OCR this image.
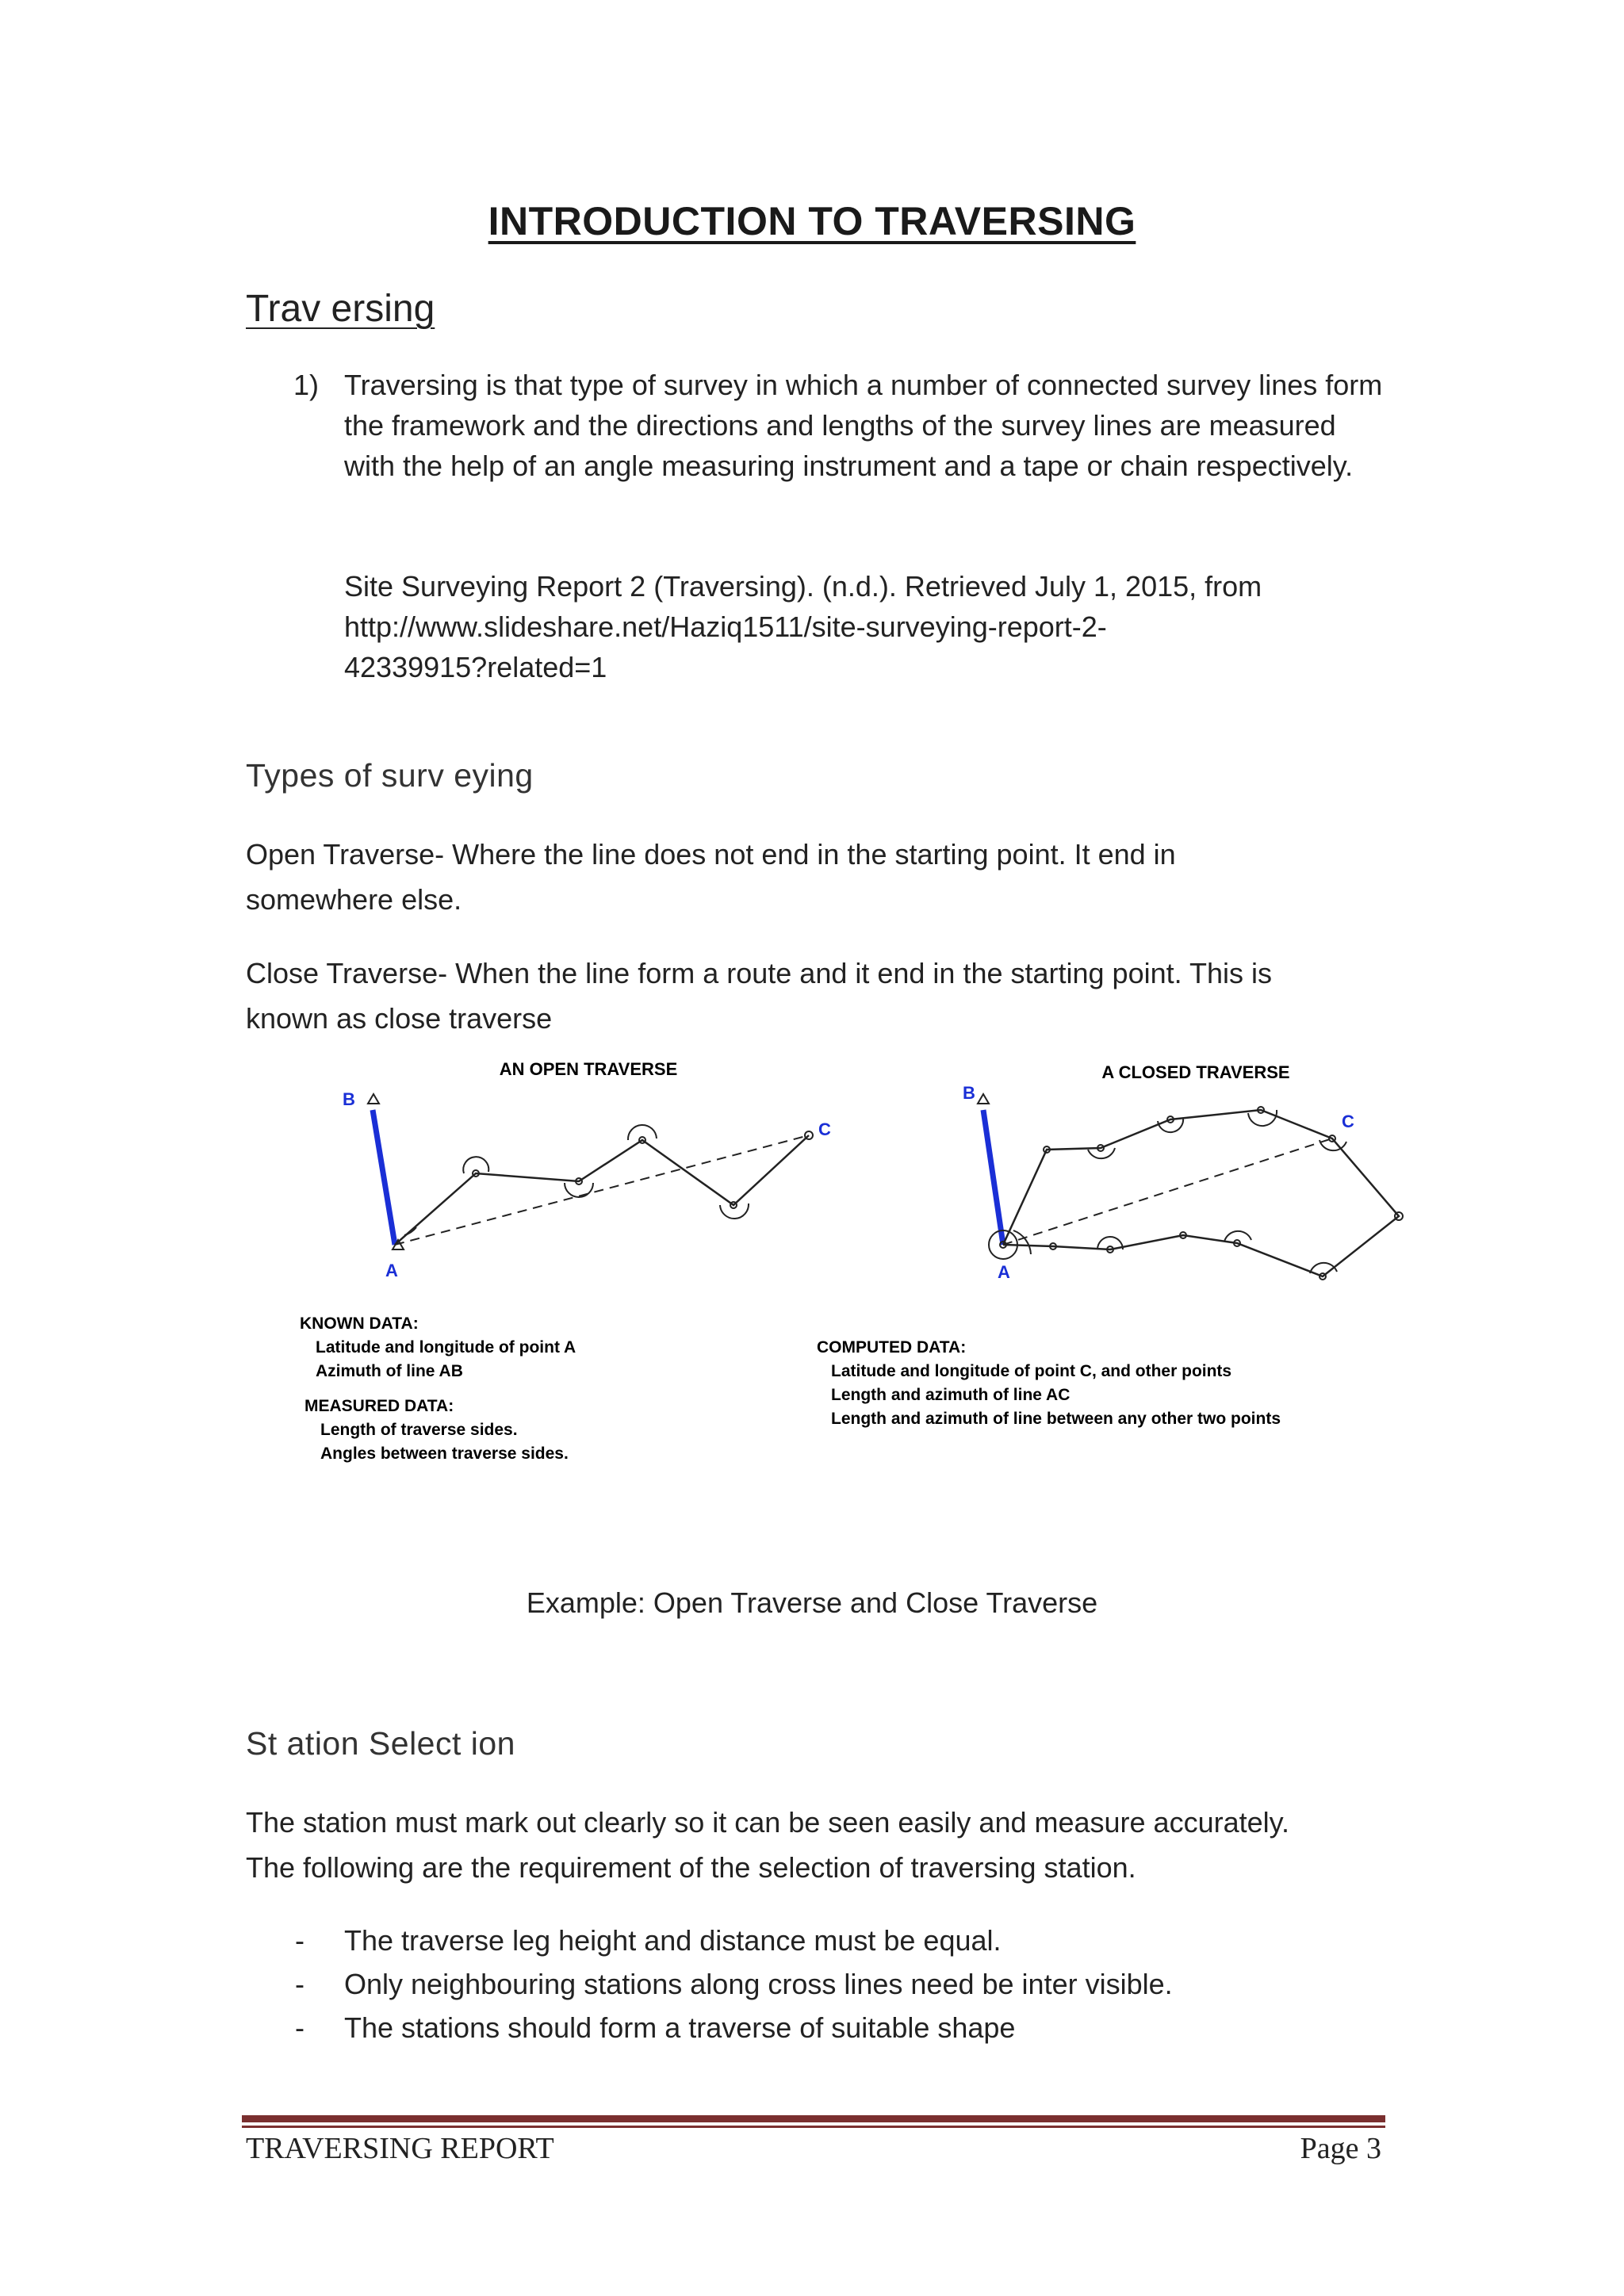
INTRODUCTION TO TRAVERSING
Trav ersing
1) Traversing is that type of survey in which a number of connected survey lines form the framework and the directions and lengths of the survey lines are measured with the help of an angle measuring instrument and a tape or chain respectively.
Site Surveying Report 2 (Traversing). (n.d.). Retrieved July 1, 2015, from
http://www.slideshare.net/Haziq1511/site-surveying-report-2-
42339915?related=1
Types of surv eying
Open Traverse- Where the line does not end in the starting point. It end in
somewhere else.
Close Traverse- When the line form a route and it end in the starting point. This is
known as close traverse
AN OPEN TRAVERSE
B
A
C
A CLOSED TRAVERSE
B
A
C
KNOWN DATA:
Latitude and longitude of point A
Azimuth of line AB
MEASURED DATA:
Length of traverse sides.
Angles between traverse sides.
COMPUTED DATA:
Latitude and longitude of point C, and other points
Length and azimuth of line AC
Length and azimuth of line between any other two points
Example: Open Traverse and Close Traverse
St ation Select ion
The station must mark out clearly so it can be seen easily and measure accurately.
The following are the requirement of the selection of traversing station.
- The traverse leg height and distance must be equal.
- Only neighbouring stations along cross lines need be inter visible.
- The stations should form a traverse of suitable shape
TRAVERSING REPORT	Page 3
